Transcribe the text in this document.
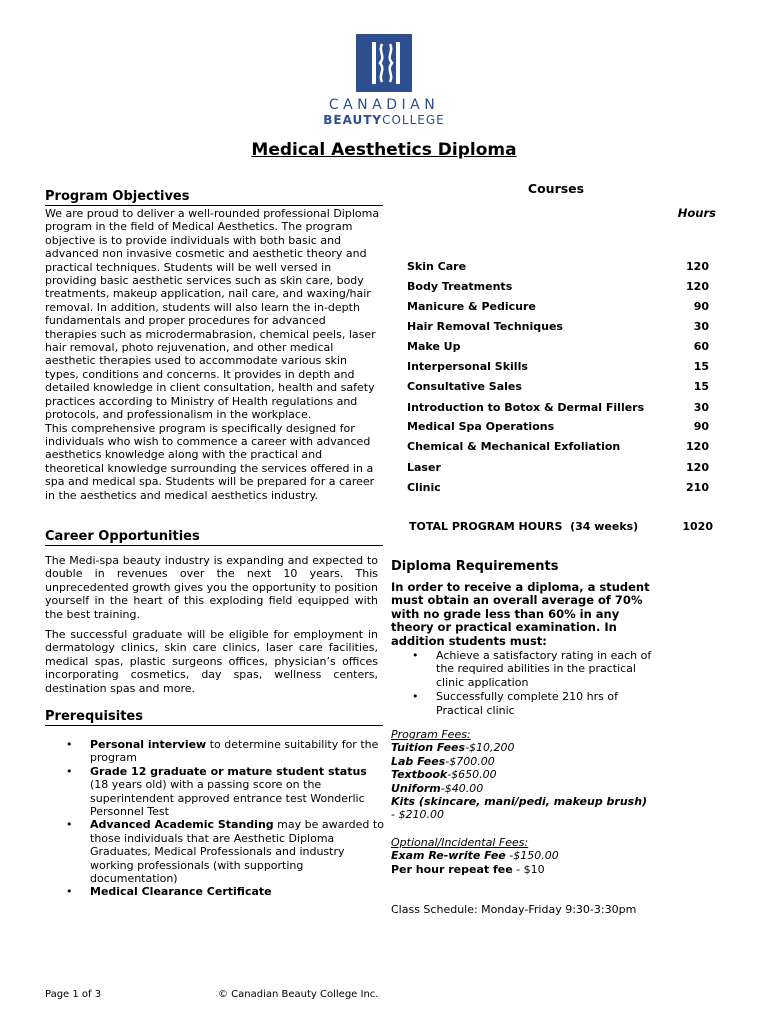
CANADIAN
BEAUTYCOLLEGE
Medical Aesthetics Diploma
Program Objectives
We are proud to deliver a well-rounded professional Diploma program in the field of Medical Aesthetics. The program objective is to provide individuals with both basic and advanced non invasive cosmetic and aesthetic theory and practical techniques. Students will be well versed in providing basic aesthetic services such as skin care, body treatments, makeup application, nail care, and waxing/hair removal. In addition, students will also learn the in-depth fundamentals and proper procedures for advanced therapies such as microdermabrasion, chemical peels, laser hair removal, photo rejuvenation, and other medical aesthetic therapies used to accommodate various skin types, conditions and concerns. It provides in depth and detailed knowledge in client consultation, health and safety practices according to Ministry of Health regulations and protocols, and professionalism in the workplace.
This comprehensive program is specifically designed for individuals who wish to commence a career with advanced aesthetics knowledge along with the practical and theoretical knowledge surrounding the services offered in a spa and medical spa. Students will be prepared for a career in the aesthetics and medical aesthetics industry.
Career Opportunities

The Medi-spa beauty industry is expanding and expected to double in revenues over the next 10 years. This unprecedented growth gives you the opportunity to position yourself in the heart of this exploding field equipped with the best training.

The successful graduate will be eligible for employment in dermatology clinics, skin care clinics, laser care facilities, medical spas, plastic surgeons offices, physician’s offices incorporating cosmetics, day spas, wellness centers, destination spas and more.

Prerequisites
• Personal interview to determine suitability for the program
• Grade 12 graduate or mature student status (18 years old) with a passing score on the superintendent approved entrance test Wonderlic Personnel Test
• Advanced Academic Standing may be awarded to those individuals that are Aesthetic Diploma Graduates, Medical Professionals and industry working professionals (with supporting documentation)
• Medical Clearance Certificate
Courses
Hours
Skin Care	120
Body Treatments	120
Manicure & Pedicure	90
Hair Removal Techniques	30
Make Up	60
Interpersonal Skills	15
Consultative Sales	15
Introduction to Botox & Dermal Fillers	30
Medical Spa Operations	90
Chemical & Mechanical Exfoliation	120
Laser	120
Clinic	210
TOTAL PROGRAM HOURS  (34 weeks)	1020
Diploma Requirements
In order to receive a diploma, a student must obtain an overall average of 70% with no grade less than 60% in any theory or practical examination. In addition students must:
• Achieve a satisfactory rating in each of the required abilities in the practical clinic application
• Successfully complete 210 hrs of Practical clinic
Program Fees:
Tuition Fees-$10,200
Lab Fees-$700.00
Textbook-$650.00
Uniform-$40.00
Kits (skincare, mani/pedi, makeup brush)
- $210.00
Optional/Incidental Fees:
Exam Re-write Fee -$150.00
Per hour repeat fee - $10
Class Schedule: Monday-Friday 9:30-3:30pm
Page 1 of 3	© Canadian Beauty College Inc.
